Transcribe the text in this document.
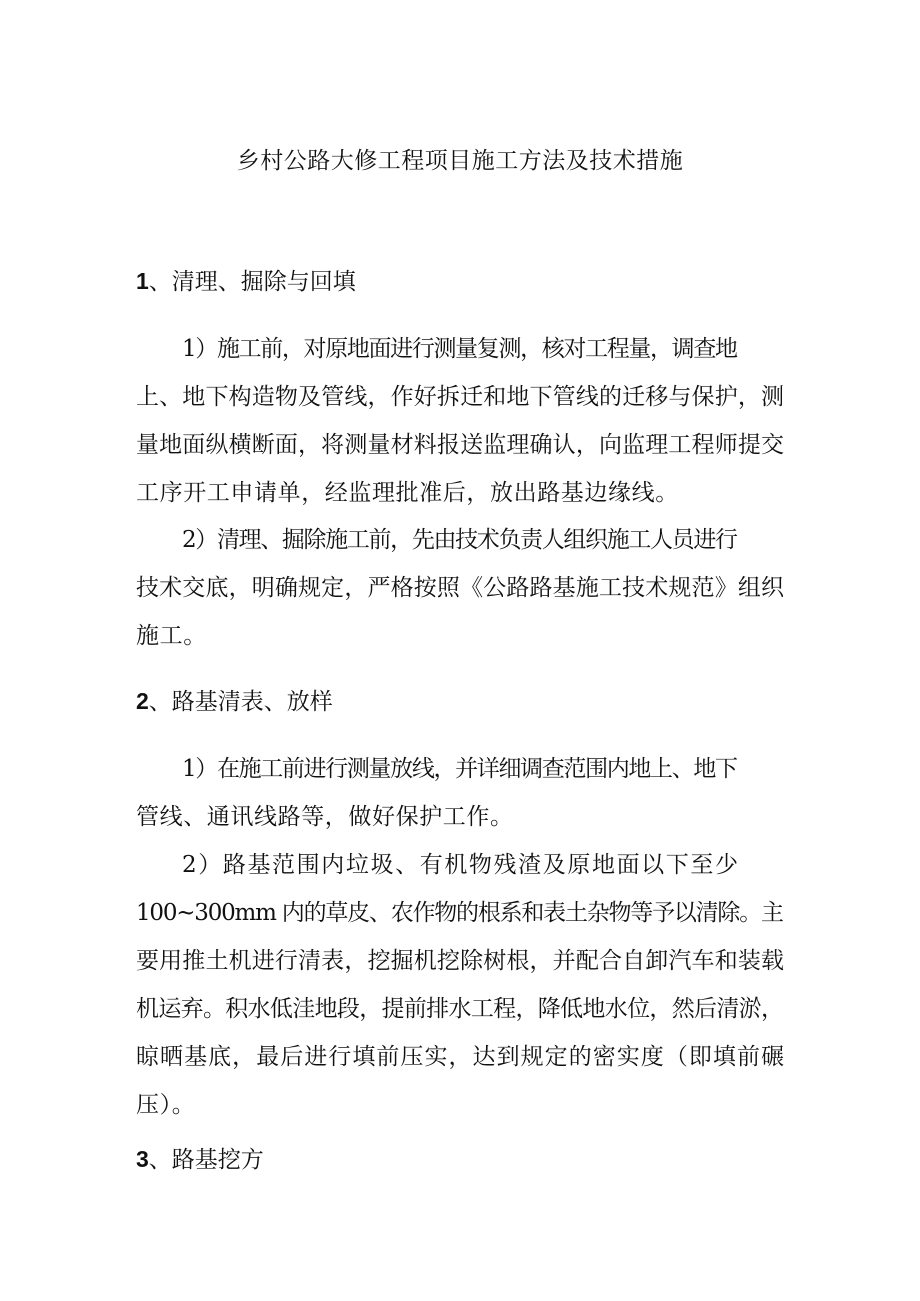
乡村公路大修工程项目施工方法及技术措施
1、清理、掘除与回填
1）施工前，对原地面进行测量复测，核对工程量，调查地
上、地下构造物及管线，作好拆迁和地下管线的迁移与保护，测
量地面纵横断面，将测量材料报送监理确认，向监理工程师提交
工序开工申请单，经监理批准后，放出路基边缘线。
2）清理、掘除施工前，先由技术负责人组织施工人员进行
技术交底，明确规定，严格按照《公路路基施工技术规范》组织
施工。
2、路基清表、放样
1）在施工前进行测量放线，并详细调查范围内地上、地下
管线、通讯线路等，做好保护工作。
2）路基范围内垃圾、有机物残渣及原地面以下至少
100~300mm 内的草皮、农作物的根系和表土杂物等予以清除。主
要用推土机进行清表，挖掘机挖除树根，并配合自卸汽车和装载
机运弃。积水低洼地段，提前排水工程，降低地水位，然后清淤，
晾晒基底，最后进行填前压实，达到规定的密实度（即填前碾
压）。
3、路基挖方
